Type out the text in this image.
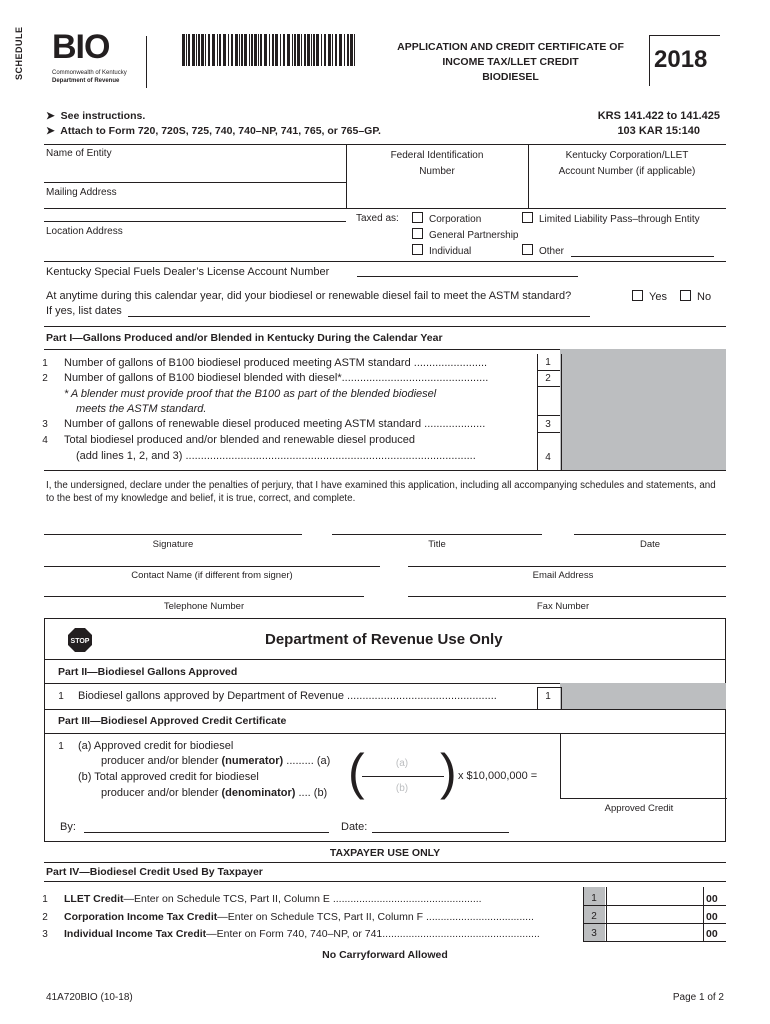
SCHEDULE BIO
Commonwealth of Kentucky
Department of Revenue
APPLICATION AND CREDIT CERTIFICATE OF
INCOME TAX/LLET CREDIT
BIODIESEL
2018
➤ See instructions.
➤ Attach to Form 720, 720S, 725, 740, 740–NP, 741, 765, or 765–GP.
KRS 141.422 to 141.425
103 KAR 15:140
Name of Entity	Federal Identification
Number
Kentucky Corporation/LLET
Account Number (if applicable)
Mailing Address
Location Address
Taxed as:	Corporation	Limited Liability Pass–through Entity
General Partnership
Individual	Other
Kentucky Special Fuels Dealer’s License Account Number
At anytime during this calendar year, did your biodiesel or renewable diesel fail to meet the ASTM standard?	Yes	No
If yes, list dates
Part I—Gallons Produced and/or Blended in Kentucky During the Calendar Year
1 Number of gallons of B100 biodiesel produced meeting ASTM standard ........................	1
2 Number of gallons of B100 biodiesel blended with diesel*................................................	2
* A blender must provide proof that the B100 as part of the blended biodiesel
meets the ASTM standard.
3 Number of gallons of renewable diesel produced meeting ASTM standard ....................	3
4 Total biodiesel produced and/or blended and renewable diesel produced
(add lines 1, 2, and 3) ...............................................................................................	4
I, the undersigned, declare under the penalties of perjury, that I have examined this application, including all accompanying schedules and statements, and to the best of my knowledge and belief, it is true, correct, and complete.
Signature	Title	Date
Contact Name (if different from signer)	Email Address
Telephone Number	Fax Number
STOP	Department of Revenue Use Only
Part II—Biodiesel Gallons Approved
1 Biodiesel gallons approved by Department of Revenue .................................................	1
Part III—Biodiesel Approved Credit Certificate
1 (a) Approved credit for biodiesel
producer and/or blender (numerator) ......... (a)
(b) Total approved credit for biodiesel
producer and/or blender (denominator) .... (b) ( )
(a)
(b)
x $10,000,000 =
Approved Credit
By:	Date:
TAXPAYER USE ONLY
Part IV—Biodiesel Credit Used By Taxpayer
1 LLET Credit—Enter on Schedule TCS, Part II, Column E ...................................................	1	00
2 Corporation Income Tax Credit—Enter on Schedule TCS, Part II, Column F .....................................	2	00
3 Individual Income Tax Credit—Enter on Form 740, 740–NP, or 741......................................................	3	00
No Carryforward Allowed
41A720BIO (10-18)	Page 1 of 2
